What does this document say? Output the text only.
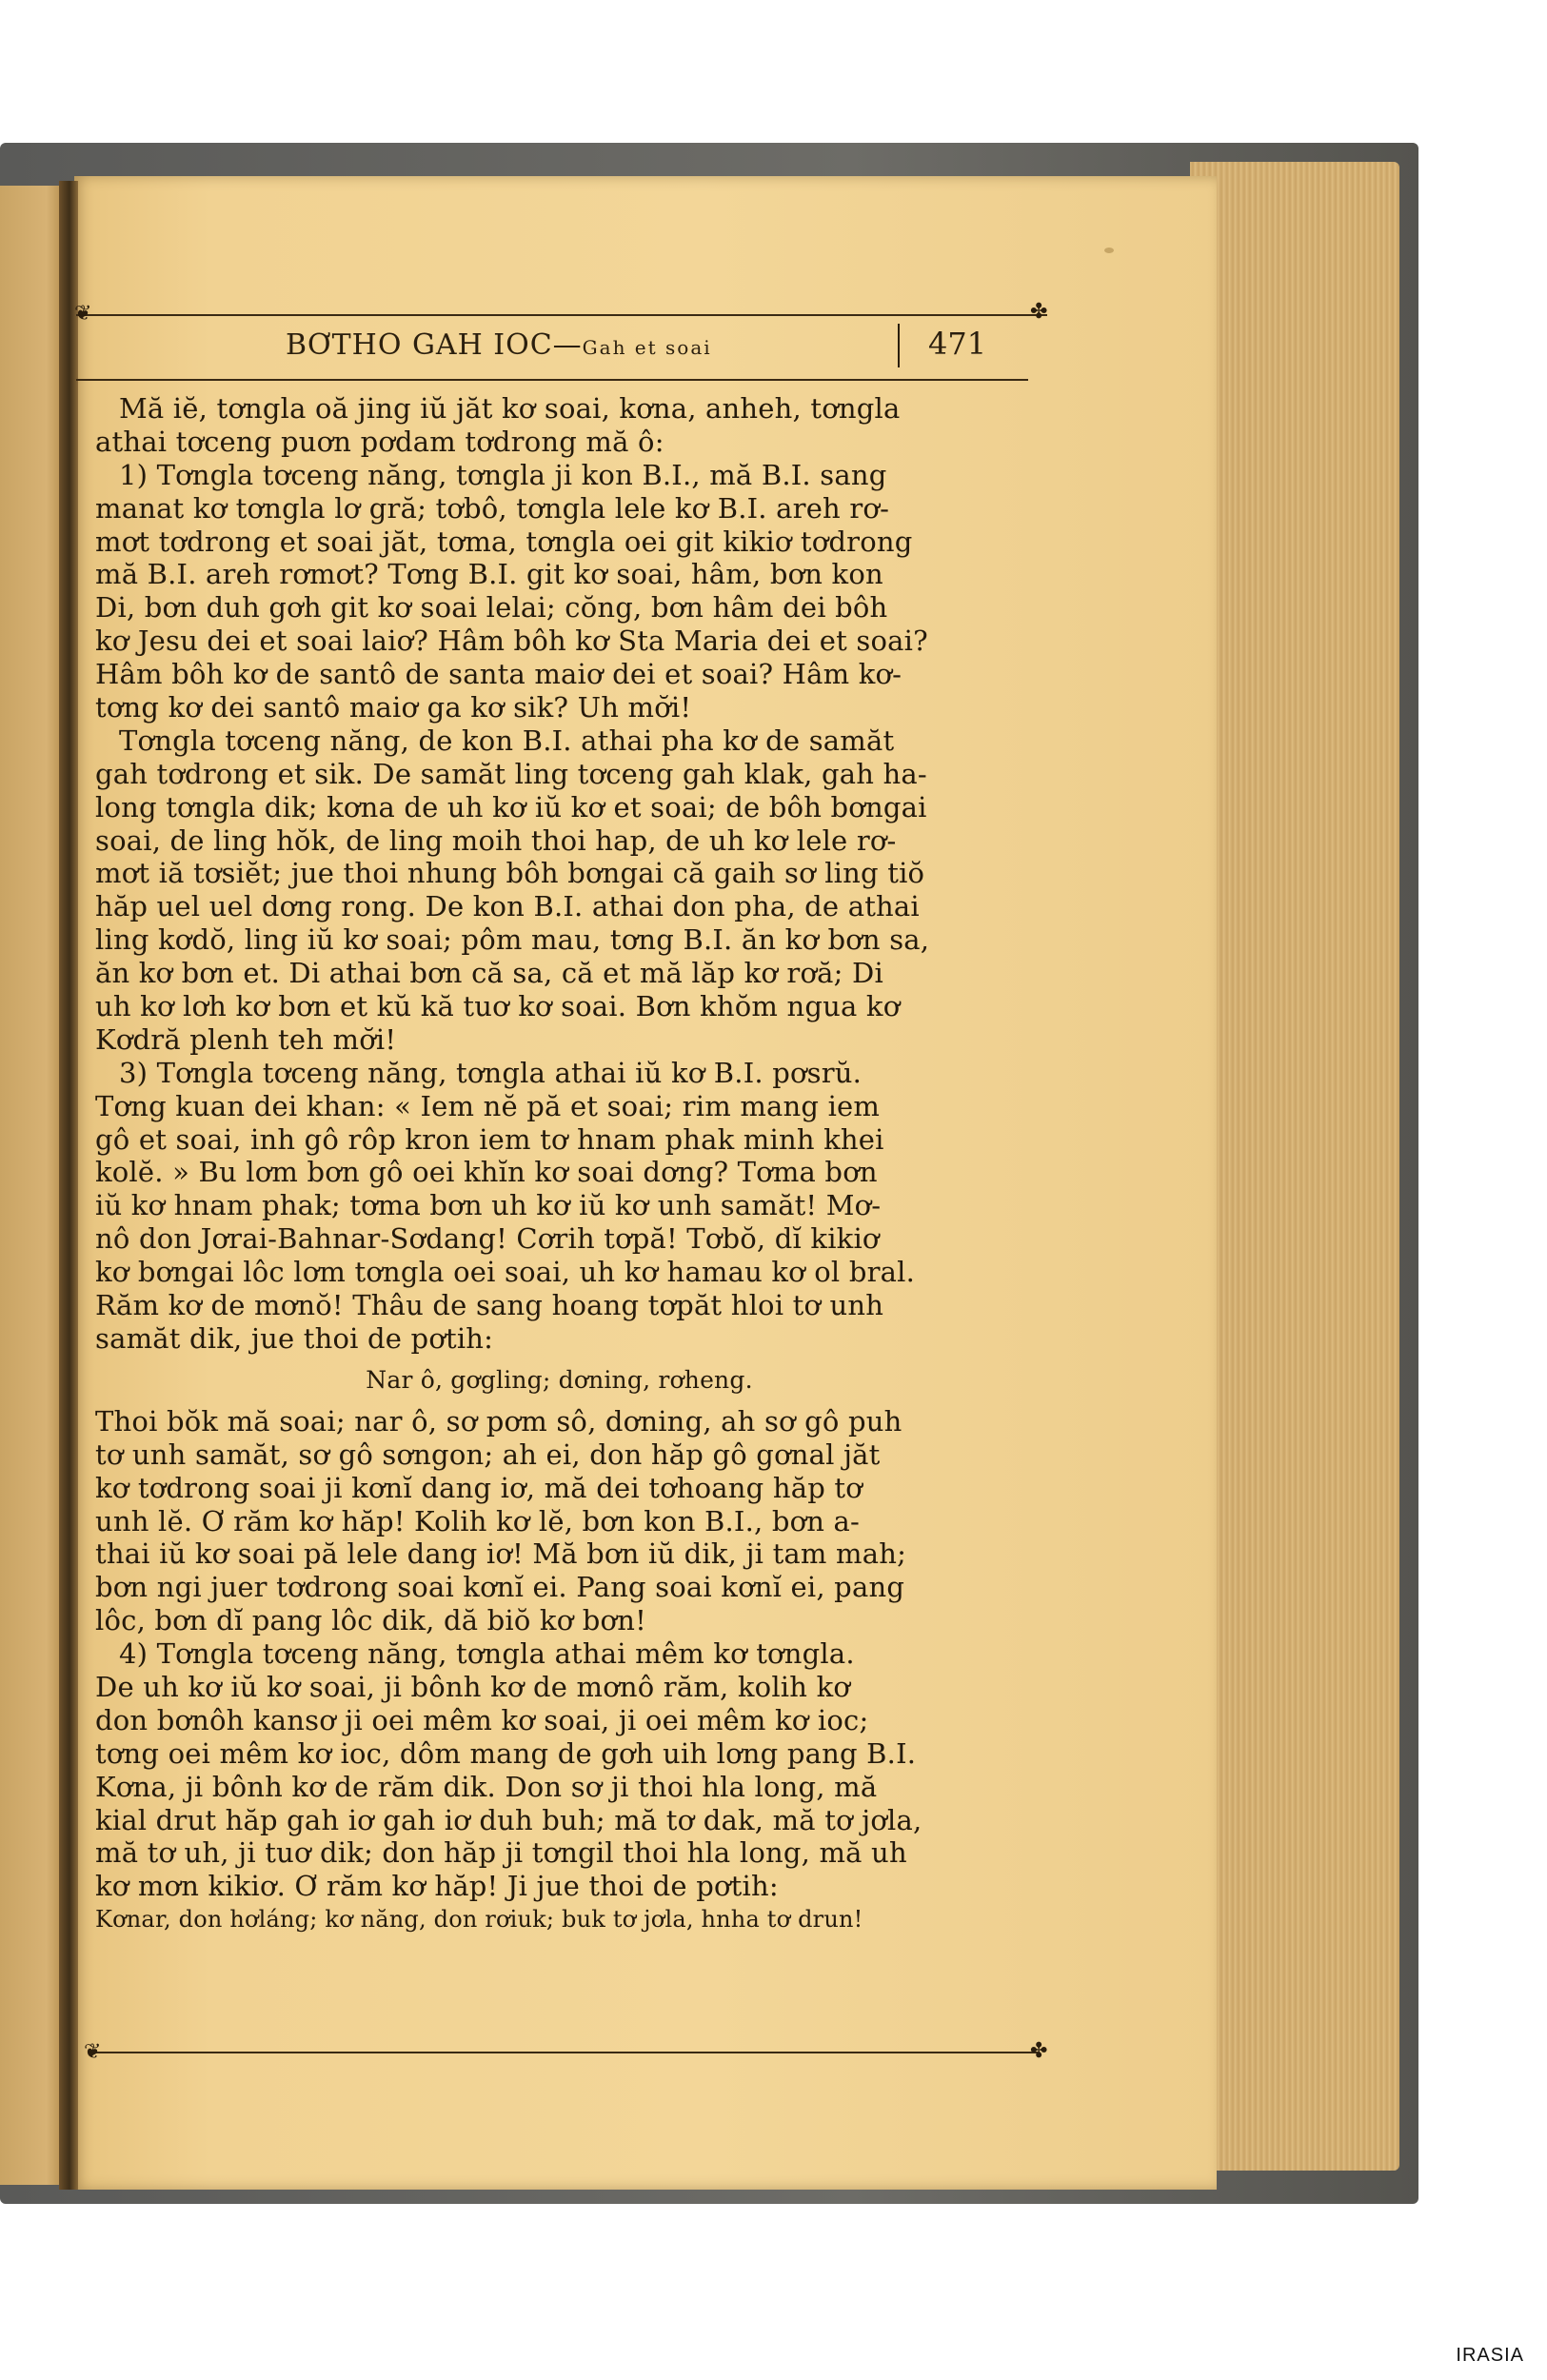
❦	✤
BƠTHO GAH IOC—Gah et soai	471
Mă iĕ, tơngla oă jing iŭ jăt kơ soai, kơna, anheh, tơngla
athai tơceng puơn pơdam tơdrong mă ô:
1) Tơngla tơceng năng, tơngla ji kon B.I., mă B.I. sang
manat kơ tơngla lơ gră; tơbô, tơngla lele kơ B.I. areh rơ-
mơt tơdrong et soai jăt, tơma, tơngla oei git kikiơ tơdrong
mă B.I. areh rơmơt? Tơng B.I. git kơ soai, hâm, bơn kon
Di, bơn duh gơh git kơ soai lelai; cŏng, bơn hâm dei bôh
kơ Jesu dei et soai laiơ? Hâm bôh kơ Sta Maria dei et soai?
Hâm bôh kơ de santô de santa maiơ dei et soai? Hâm kơ-
tơng kơ dei santô maiơ ga kơ sik? Uh mơ̆i!
Tơngla tơceng năng, de kon B.I. athai pha kơ de samăt
gah tơdrong et sik. De samăt ling tơceng gah klak, gah ha-
long tơngla dik; kơna de uh kơ iŭ kơ et soai; de bôh bơngai
soai, de ling hŏk, de ling moih thoi hap, de uh kơ lele rơ-
mơt iă tơsiĕt; jue thoi nhung bôh bơngai că gaih sơ ling tiŏ
hăp uel uel dơng rong. De kon B.I. athai don pha, de athai
ling kơdŏ, ling iŭ kơ soai; pôm mau, tơng B.I. ăn kơ bơn sa,
ăn kơ bơn et. Di athai bơn că sa, că et mă lăp kơ rơă; Di
uh kơ lơh kơ bơn et kŭ kă tuơ kơ soai. Bơn khŏm ngua kơ
Kơdră plenh teh mơ̆i!
3) Tơngla tơceng năng, tơngla athai iŭ kơ B.I. pơsrŭ.
Tơng kuan dei khan: « Iem nĕ pă et soai; rim mang iem
gô et soai, inh gô rôp kron iem tơ hnam phak minh khei
kolĕ. » Bu lơm bơn gô oei khĭn kơ soai dơng? Tơma bơn
iŭ kơ hnam phak; tơma bơn uh kơ iŭ kơ unh samăt! Mơ-
nô don Jơrai-Bahnar-Sơdang! Cơrih tơpă! Tơbŏ, dĭ kikiơ
kơ bơngai lôc lơm tơngla oei soai, uh kơ hamau kơ ol bral.
Răm kơ de mơnŏ! Thâu de sang hoang tơpăt hloi tơ unh
samăt dik, jue thoi de pơtih:
Nar ô, gơgling; dơning, rơheng.
Thoi bŏk mă soai; nar ô, sơ pơm sô, dơning, ah sơ gô puh
tơ unh samăt, sơ gô sơngon; ah ei, don hăp gô gơnal jăt
kơ tơdrong soai ji kơnĭ dang iơ, mă dei tơhoang hăp tơ
unh lĕ. Ơ răm kơ hăp! Kolih kơ lĕ, bơn kon B.I., bơn a-
thai iŭ kơ soai pă lele dang iơ! Mă bơn iŭ dik, ji tam mah;
bơn ngi juer tơdrong soai kơnĭ ei. Pang soai kơnĭ ei, pang
lôc, bơn dĭ pang lôc dik, dă biŏ kơ bơn!
4) Tơngla tơceng năng, tơngla athai mêm kơ tơngla.
De uh kơ iŭ kơ soai, ji bônh kơ de mơnô răm, kolih kơ
don bơnôh kansơ ji oei mêm kơ soai, ji oei mêm kơ ioc;
tơng oei mêm kơ ioc, dôm mang de gơh uih lơng pang B.I.
Kơna, ji bônh kơ de răm dik. Don sơ ji thoi hla long, mă
kial drut hăp gah iơ gah iơ duh buh; mă tơ dak, mă tơ jơla,
mă tơ uh, ji tuơ dik; don hăp ji tơngil thoi hla long, mă uh
kơ mơn kikiơ. Ơ răm kơ hăp! Ji jue thoi de pơtih:
Kơnar, don hơláng; kơ năng, don rơiuk; buk tơ jơla, hnha tơ drun!
❦	✤
IRASIA
